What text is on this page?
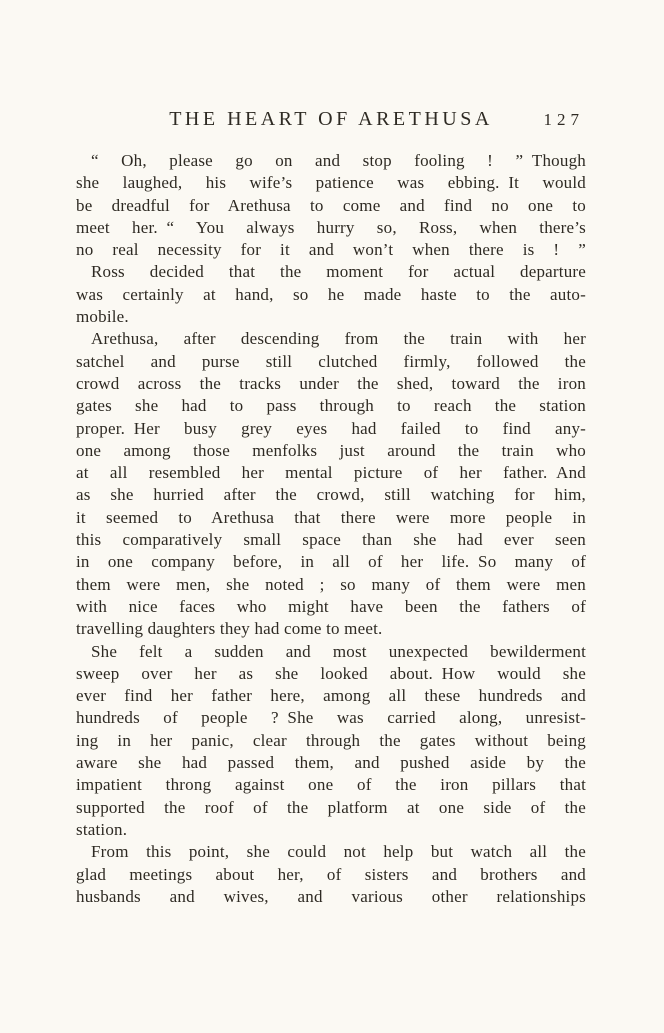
THE HEART OF ARETHUSA	127
“ Oh, please go on and stop fooling ! ” Though
she laughed, his wife’s patience was ebbing. It would
be dreadful for Arethusa to come and find no one to
meet her. “ You always hurry so, Ross, when there’s
no real necessity for it and won’t when there is ! ”
Ross decided that the moment for actual departure
was certainly at hand, so he made haste to the auto-
mobile.
Arethusa, after descending from the train with her
satchel and purse still clutched firmly, followed the
crowd across the tracks under the shed, toward the iron
gates she had to pass through to reach the station
proper. Her busy grey eyes had failed to find any-
one among those menfolks just around the train who
at all resembled her mental picture of her father. And
as she hurried after the crowd, still watching for him,
it seemed to Arethusa that there were more people in
this comparatively small space than she had ever seen
in one company before, in all of her life. So many of
them were men, she noted ; so many of them were men
with nice faces who might have been the fathers of
travelling daughters they had come to meet.
She felt a sudden and most unexpected bewilderment
sweep over her as she looked about. How would she
ever find her father here, among all these hundreds and
hundreds of people ? She was carried along, unresist-
ing in her panic, clear through the gates without being
aware she had passed them, and pushed aside by the
impatient throng against one of the iron pillars that
supported the roof of the platform at one side of the
station.
From this point, she could not help but watch all the
glad meetings about her, of sisters and brothers and
husbands and wives, and various other relationships
